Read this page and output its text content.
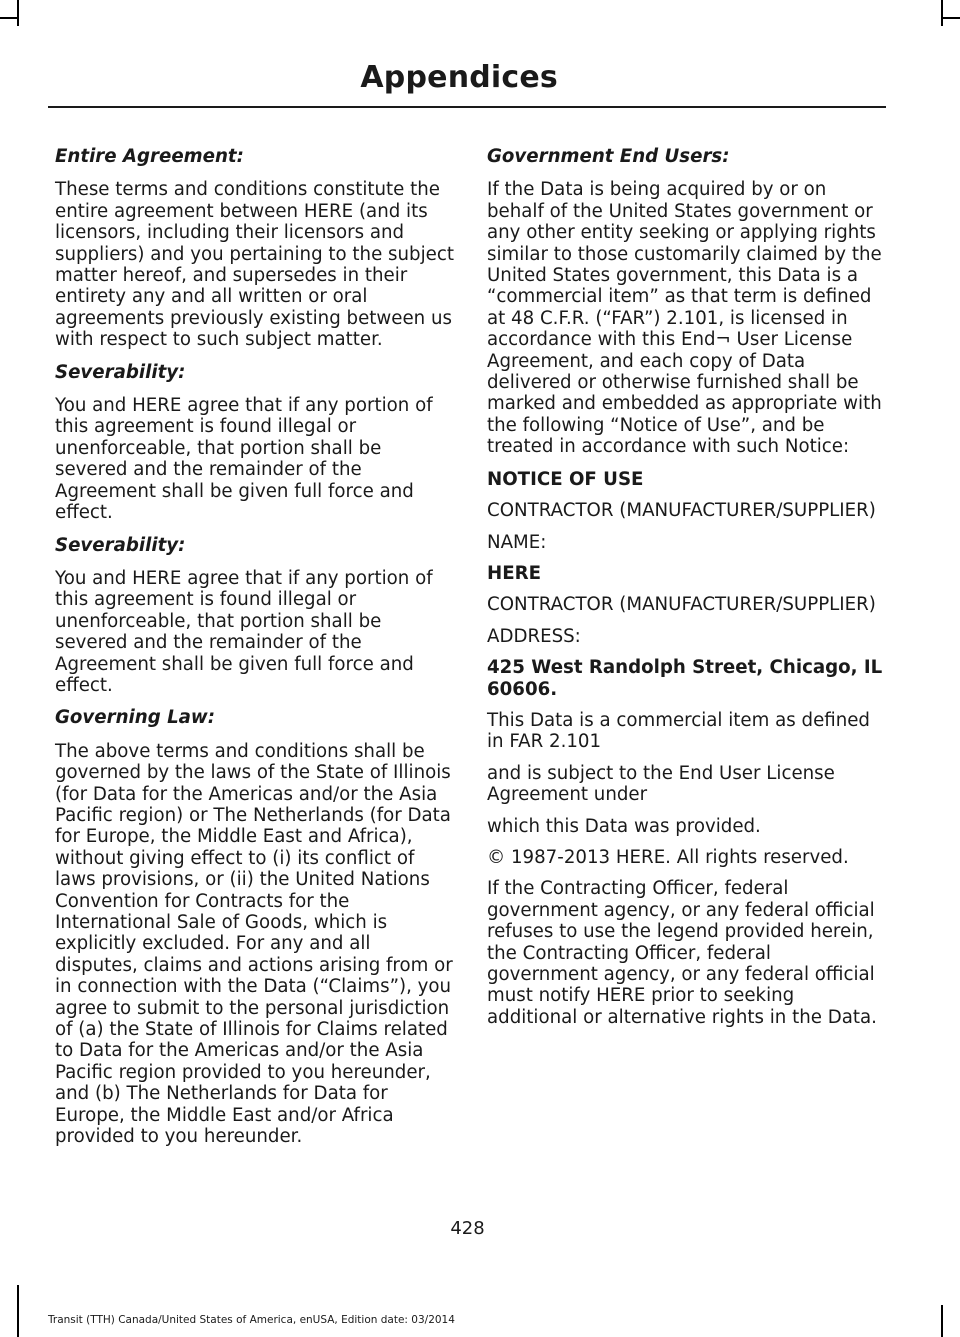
Appendices
Entire Agreement:

These terms and conditions constitute the entire agreement between HERE (and its licensors, including their licensors and suppliers) and you pertaining to the subject matter hereof, and supersedes in their entirety any and all written or oral agreements previously existing between us with respect to such subject matter.

Severability:

You and HERE agree that if any portion of this agreement is found illegal or unenforceable, that portion shall be severed and the remainder of the Agreement shall be given full force and effect.

Severability:

You and HERE agree that if any portion of this agreement is found illegal or unenforceable, that portion shall be severed and the remainder of the Agreement shall be given full force and effect.

Governing Law:

The above terms and conditions shall be governed by the laws of the State of Illinois (for Data for the Americas and/or the Asia Pacific region) or The Netherlands (for Data for Europe, the Middle East and Africa), without giving effect to (i) its conflict of laws provisions, or (ii) the United Nations Convention for Contracts for the International Sale of Goods, which is explicitly excluded. For any and all disputes, claims and actions arising from or in connection with the Data (“Claims”), you agree to submit to the personal jurisdiction of (a) the State of Illinois for Claims related to Data for the Americas and/or the Asia Pacific region provided to you hereunder, and (b) The Netherlands for Data for Europe, the Middle East and/or Africa provided to you hereunder.

Government End Users:

If the Data is being acquired by or on behalf of the United States government or any other entity seeking or applying rights similar to those customarily claimed by the United States government, this Data is a “commercial item” as that term is defined at 48 C.F.R. (“FAR”) 2.101, is licensed in accordance with this End¬ User License Agreement, and each copy of Data delivered or otherwise furnished shall be marked and embedded as appropriate with the following “Notice of Use”, and be treated in accordance with such Notice:

NOTICE OF USE

CONTRACTOR (MANUFACTURER/SUPPLIER)

NAME:

HERE

CONTRACTOR (MANUFACTURER/SUPPLIER)

ADDRESS:

425 West Randolph Street, Chicago, IL 60606.

This Data is a commercial item as defined in FAR 2.101

and is subject to the End User License Agreement under

which this Data was provided.

© 1987-2013 HERE. All rights reserved.

If the Contracting Officer, federal government agency, or any federal official refuses to use the legend provided herein, the Contracting Officer, federal government agency, or any federal official must notify HERE prior to seeking additional or alternative rights in the Data.

428
Transit (TTH) Canada/United States of America, enUSA, Edition date: 03/2014
